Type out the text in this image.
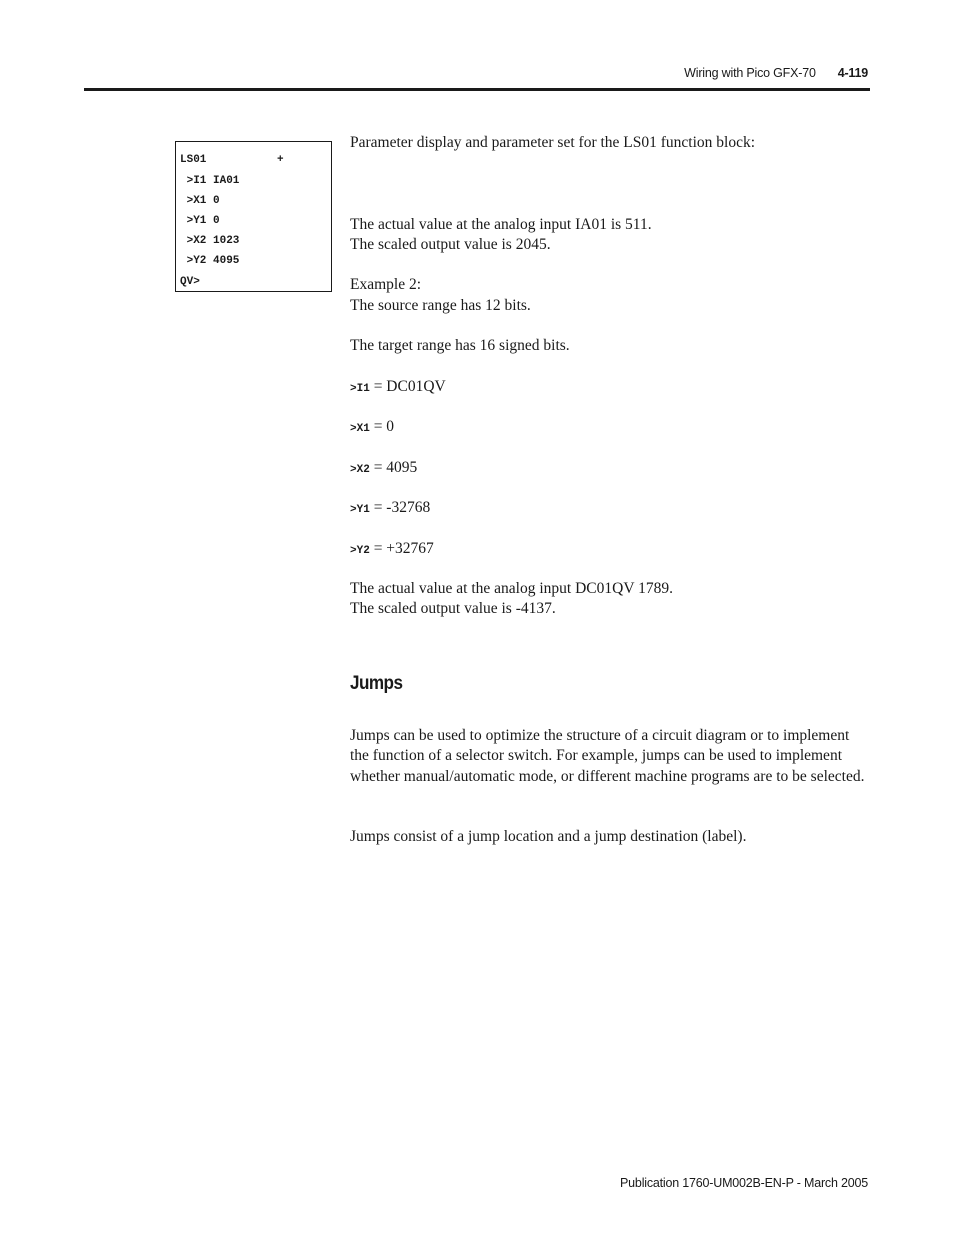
Wiring with Pico GFX-70 4-119
LS01	+
>I1 IA01
>X1 0
>Y1 0
>X2 1023
>Y2 4095
QV>
Parameter display and parameter set for the LS01 function block:
The actual value at the analog input IA01 is 511.
The scaled output value is 2045.
Example 2:
The source range has 12 bits.
The target range has 16 signed bits.
>I1 = DC01QV
>X1 = 0
>X2 = 4095
>Y1 = -32768
>Y2 = +32767
The actual value at the analog input DC01QV 1789.
The scaled output value is -4137.
Jumps
Jumps can be used to optimize the structure of a circuit diagram or to implement the function of a selector switch. For example, jumps can be used to implement whether manual/automatic mode, or different machine programs are to be selected.
Jumps consist of a jump location and a jump destination (label).
Publication 1760-UM002B-EN-P - March 2005
